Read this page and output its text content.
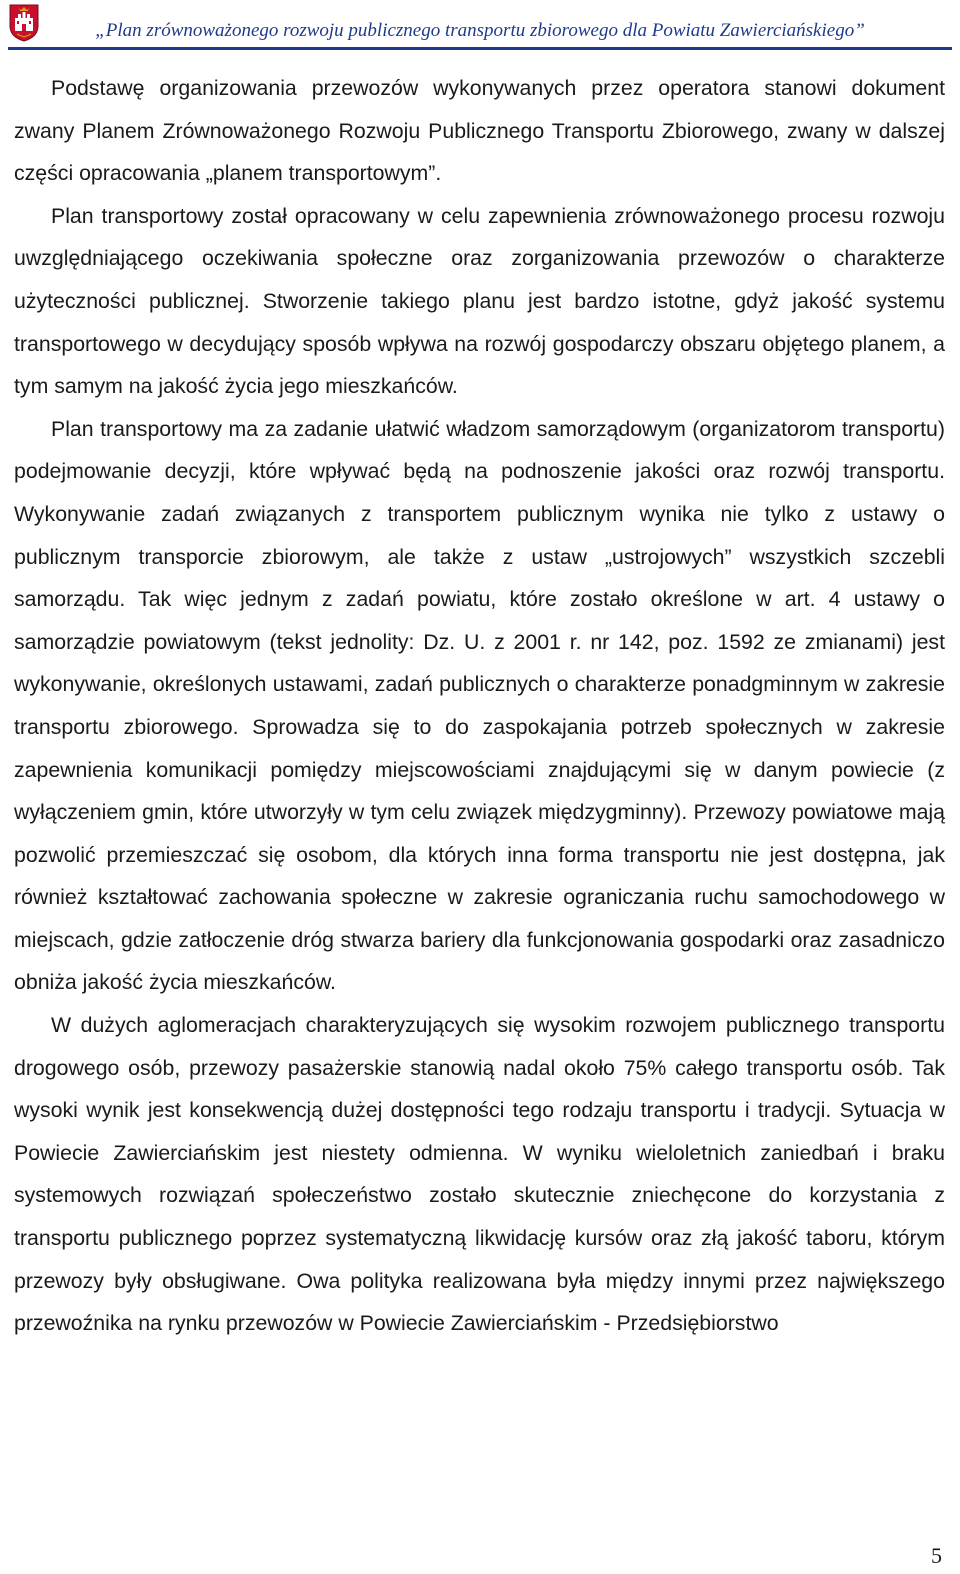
„Plan zrównoważonego rozwoju publicznego transportu zbiorowego dla Powiatu Zawierciańskiego”

Podstawę organizowania przewozów wykonywanych przez operatora stanowi dokument zwany Planem Zrównoważonego Rozwoju Publicznego Transportu Zbiorowego, zwany w dalszej części opracowania „planem transportowym”.

Plan transportowy został opracowany w celu zapewnienia zrównoważonego procesu rozwoju uwzględniającego oczekiwania społeczne oraz zorganizowania przewozów o charakterze użyteczności publicznej. Stworzenie takiego planu jest bardzo istotne, gdyż jakość systemu transportowego w decydujący sposób wpływa na rozwój gospodarczy obszaru objętego planem, a tym samym na jakość życia jego mieszkańców.

Plan transportowy ma za zadanie ułatwić władzom samorządowym (organizatorom transportu) podejmowanie decyzji, które wpływać będą na podnoszenie jakości oraz rozwój transportu. Wykonywanie zadań związanych z transportem publicznym wynika nie tylko z ustawy o publicznym transporcie zbiorowym, ale także z ustaw „ustrojowych” wszystkich szczebli samorządu. Tak więc jednym z zadań powiatu, które zostało określone w art. 4 ustawy o samorządzie powiatowym (tekst jednolity: Dz. U. z 2001 r. nr 142, poz. 1592 ze zmianami) jest wykonywanie, określonych ustawami, zadań publicznych o charakterze ponadgminnym w zakresie transportu zbiorowego. Sprowadza się to do zaspokajania potrzeb społecznych w zakresie zapewnienia komunikacji pomiędzy miejscowościami znajdującymi się w danym powiecie (z wyłączeniem gmin, które utworzyły w tym celu związek międzygminny). Przewozy powiatowe mają pozwolić przemieszczać się osobom, dla których inna forma transportu nie jest dostępna, jak również kształtować zachowania społeczne w zakresie ograniczania ruchu samochodowego w miejscach, gdzie zatłoczenie dróg stwarza bariery dla funkcjonowania gospodarki oraz zasadniczo obniża jakość życia mieszkańców.

W dużych aglomeracjach charakteryzujących się wysokim rozwojem publicznego transportu drogowego osób, przewozy pasażerskie stanowią nadal około 75% całego transportu osób. Tak wysoki wynik jest konsekwencją dużej dostępności tego rodzaju transportu i tradycji. Sytuacja w Powiecie Zawierciańskim jest niestety odmienna. W wyniku wieloletnich zaniedbań i braku systemowych rozwiązań społeczeństwo zostało skutecznie zniechęcone do korzystania z transportu publicznego poprzez systematyczną likwidację kursów oraz złą jakość taboru, którym przewozy były obsługiwane. Owa polityka realizowana była między innymi przez największego przewoźnika na rynku przewozów w Powiecie Zawierciańskim - Przedsiębiorstwo

5
